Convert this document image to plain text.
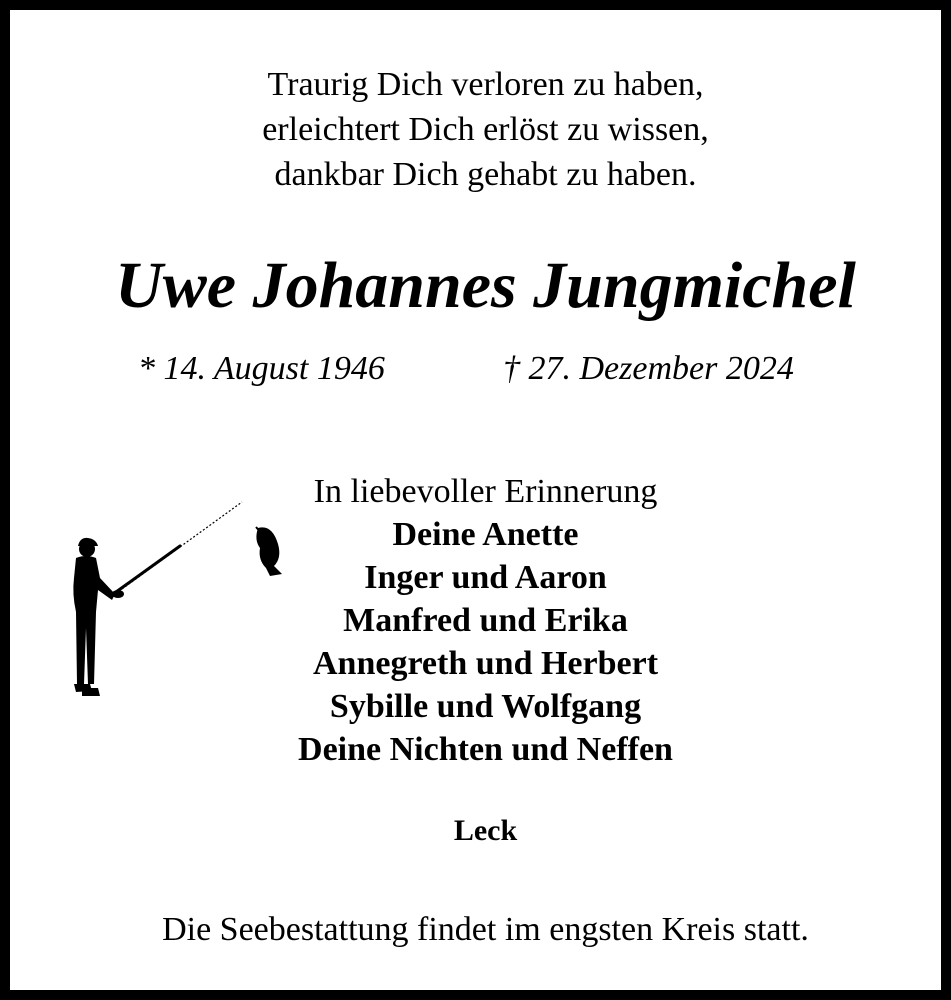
Traurig Dich verloren zu haben,
erleichtert Dich erlöst zu wissen,
dankbar Dich gehabt zu haben.
Uwe Johannes Jungmichel
* 14. August 1946	† 27. Dezember 2024
In liebevoller Erinnerung
Deine Anette
Inger und Aaron
Manfred und Erika
Annegreth und Herbert
Sybille und Wolfgang
Deine Nichten und Neffen
Leck
Die Seebestattung findet im engsten Kreis statt.
